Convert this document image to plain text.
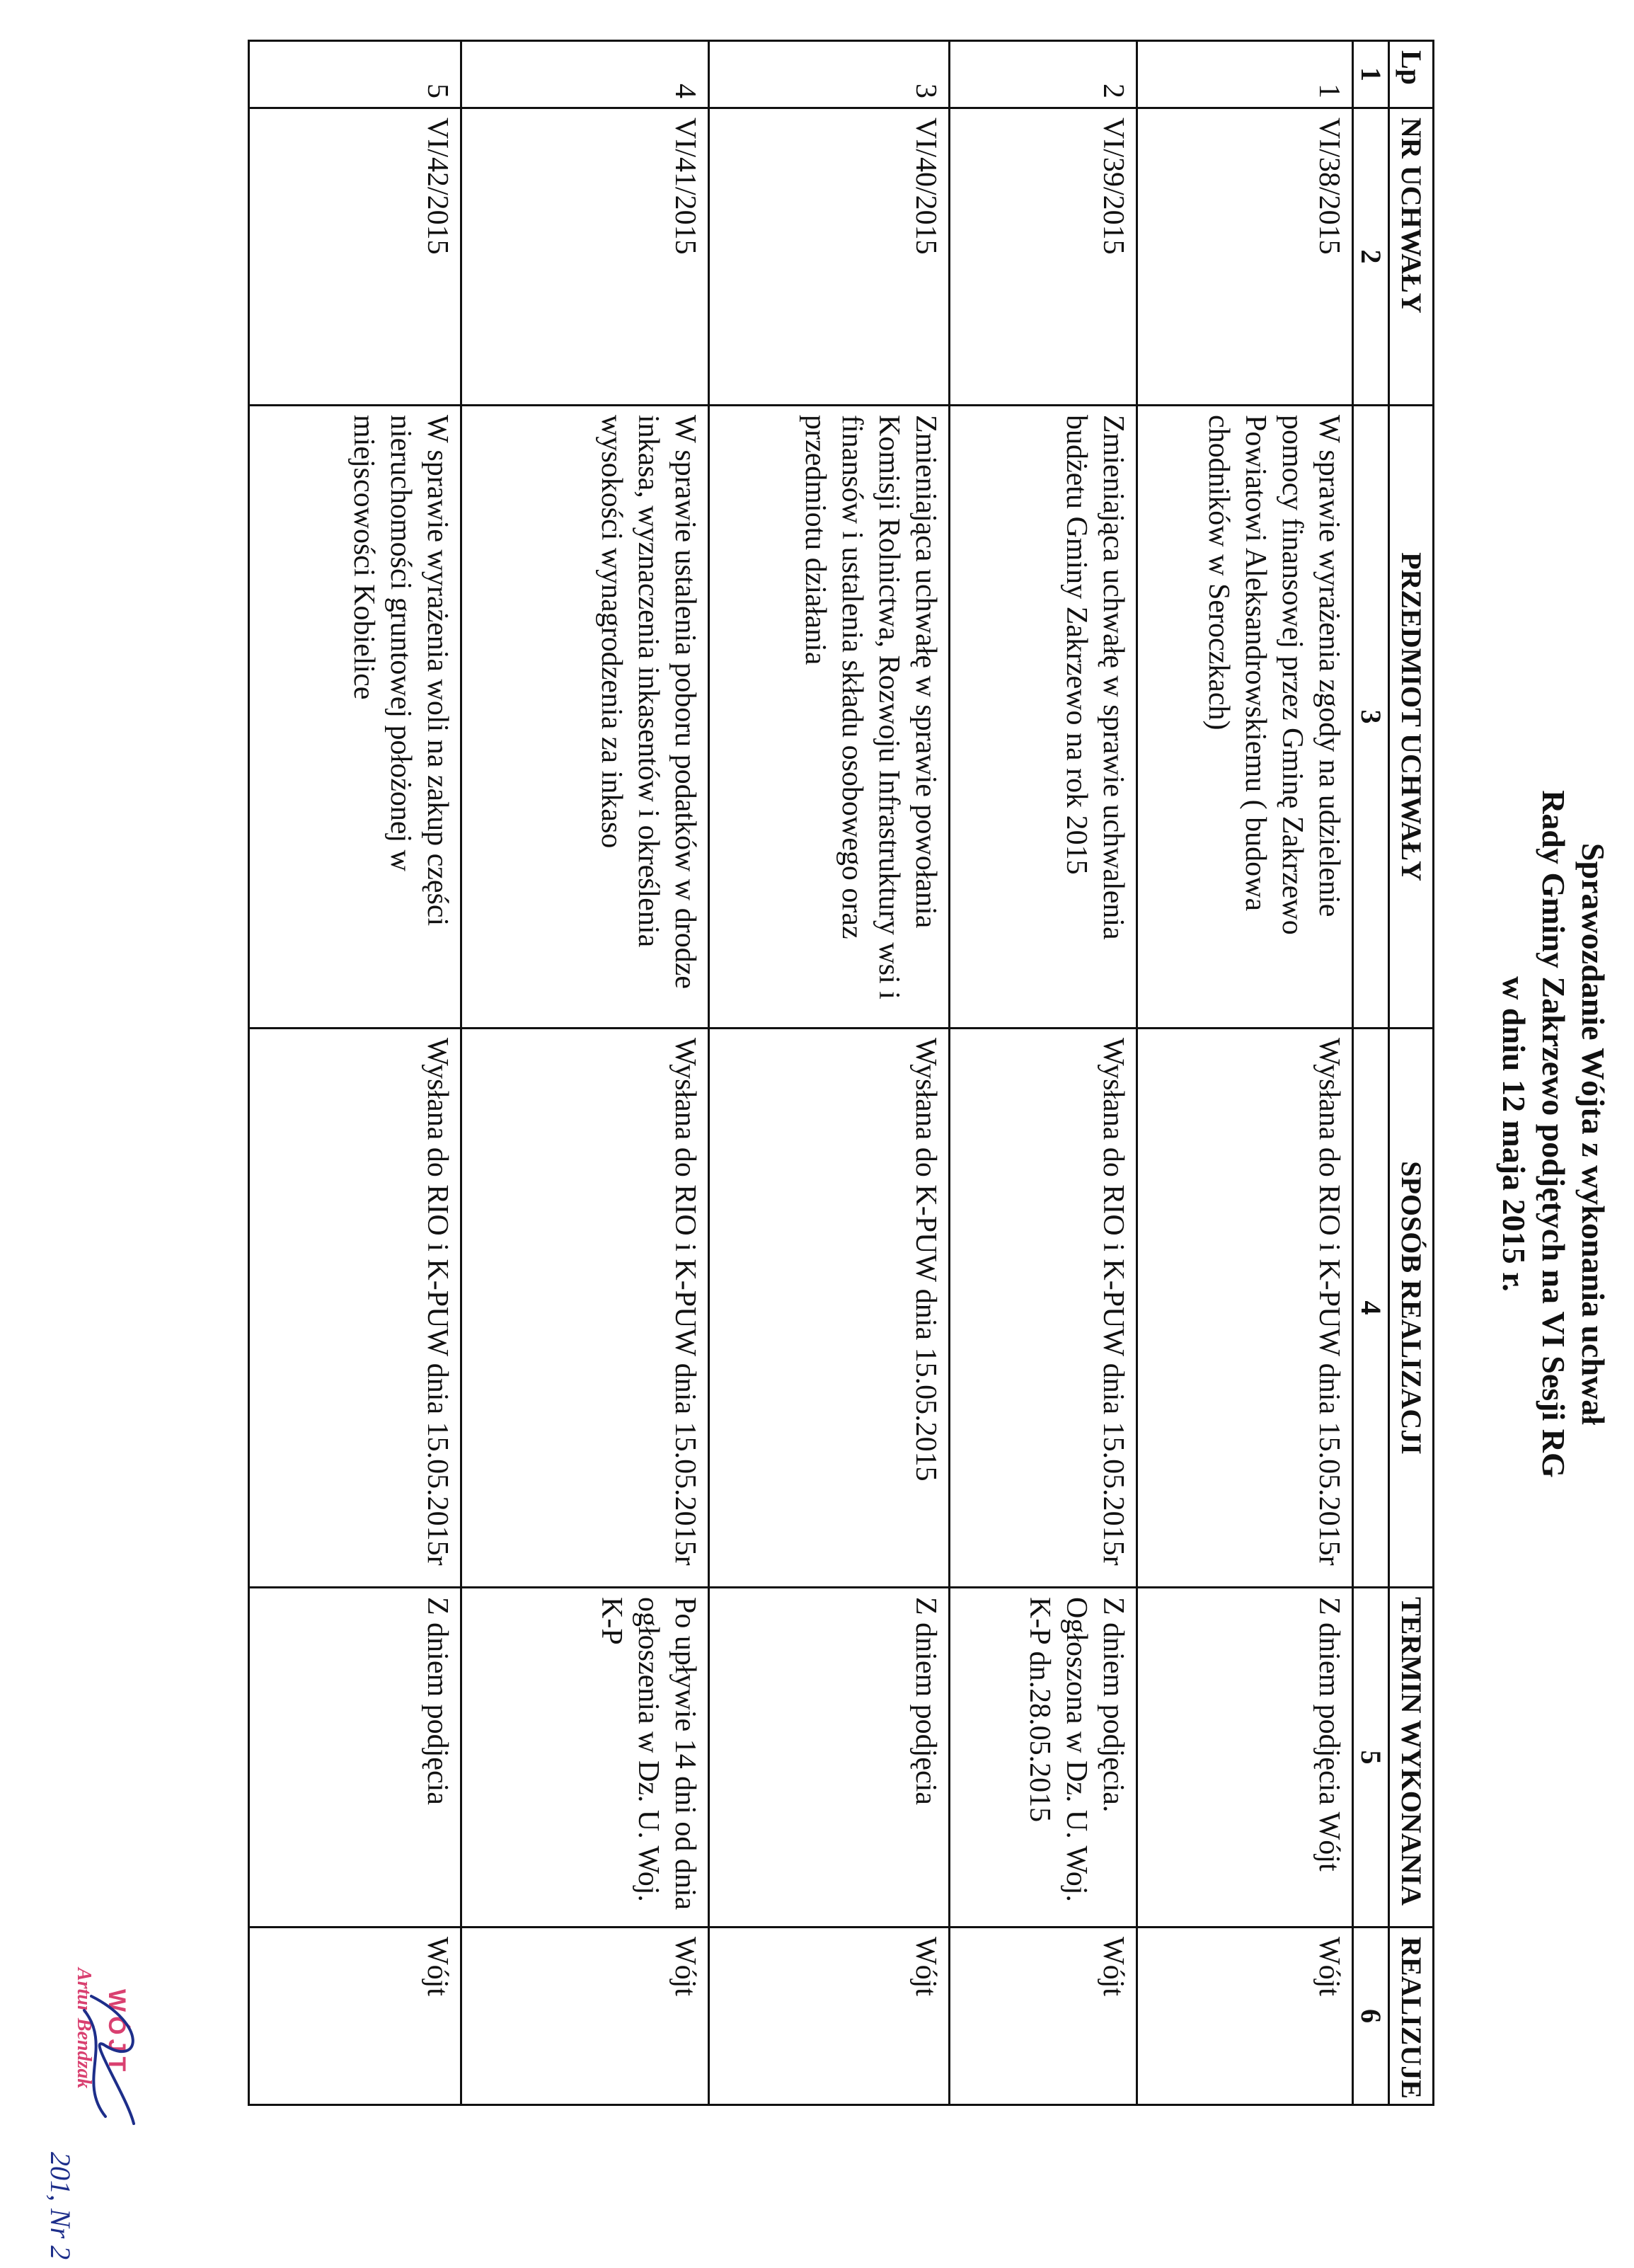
Sprawozdanie Wójta z wykonania uchwał
Rady Gminy Zakrzewo podjętych na VI Sesji RG
w dniu 12 maja 2015 r.
Lp	NR UCHWAŁY	PRZEDMIOT UCHWAŁY	SPOSÓB REALIZACJI	TERMIN WYKONANIA	REALIZUJE
1	2	3	4	5	6
1	VI/38/2015	W sprawie wyrażenia zgody na udzielenie pomocy finansowej przez Gminę Zakrzewo Powiatowi Aleksandrowskiemu ( budowa chodników w Seroczkach)	Wysłana do RIO i K-PUW dnia 15.05.2015r	Z dniem podjęcia Wójt	Wójt
2	VI/39/2015	Zmieniająca uchwałę w sprawie uchwalenia budżetu Gminy Zakrzewo na rok 2015	Wysłana do RIO i K-PUW dnia 15.05.2015r	Z dniem podjęcia. Ogłoszona w Dz. U. Woj. K-P dn.28.05.2015	Wójt
3	VI/40/2015	Zmieniająca uchwałę w sprawie powołania Komisji Rolnictwa, Rozwoju Infrastruktury wsi i finansów i ustalenia składu osobowego oraz przedmiotu działania	Wysłana do K-PUW dnia 15.05.2015	Z dniem podjęcia	Wójt
4	VI/41/2015	W sprawie ustalenia poboru podatków w drodze inkasa, wyznaczenia inkasentów i określenia wysokości wynagrodzenia za inkaso	Wysłana do RIO i K-PUW dnia 15.05.2015r	Po upływie 14 dni od dnia ogłoszenia w Dz. U. Woj. K-P	Wójt
5	VI/42/2015	W sprawie wyrażenia woli na zakup części nieruchomości gruntowej położonej w miejscowości Kobielice	Wysłana do RIO i K-PUW dnia 15.05.2015r	Z dniem podjęcia	Wójt
WÓJT
Artur Bendzak
201, Nr 2
